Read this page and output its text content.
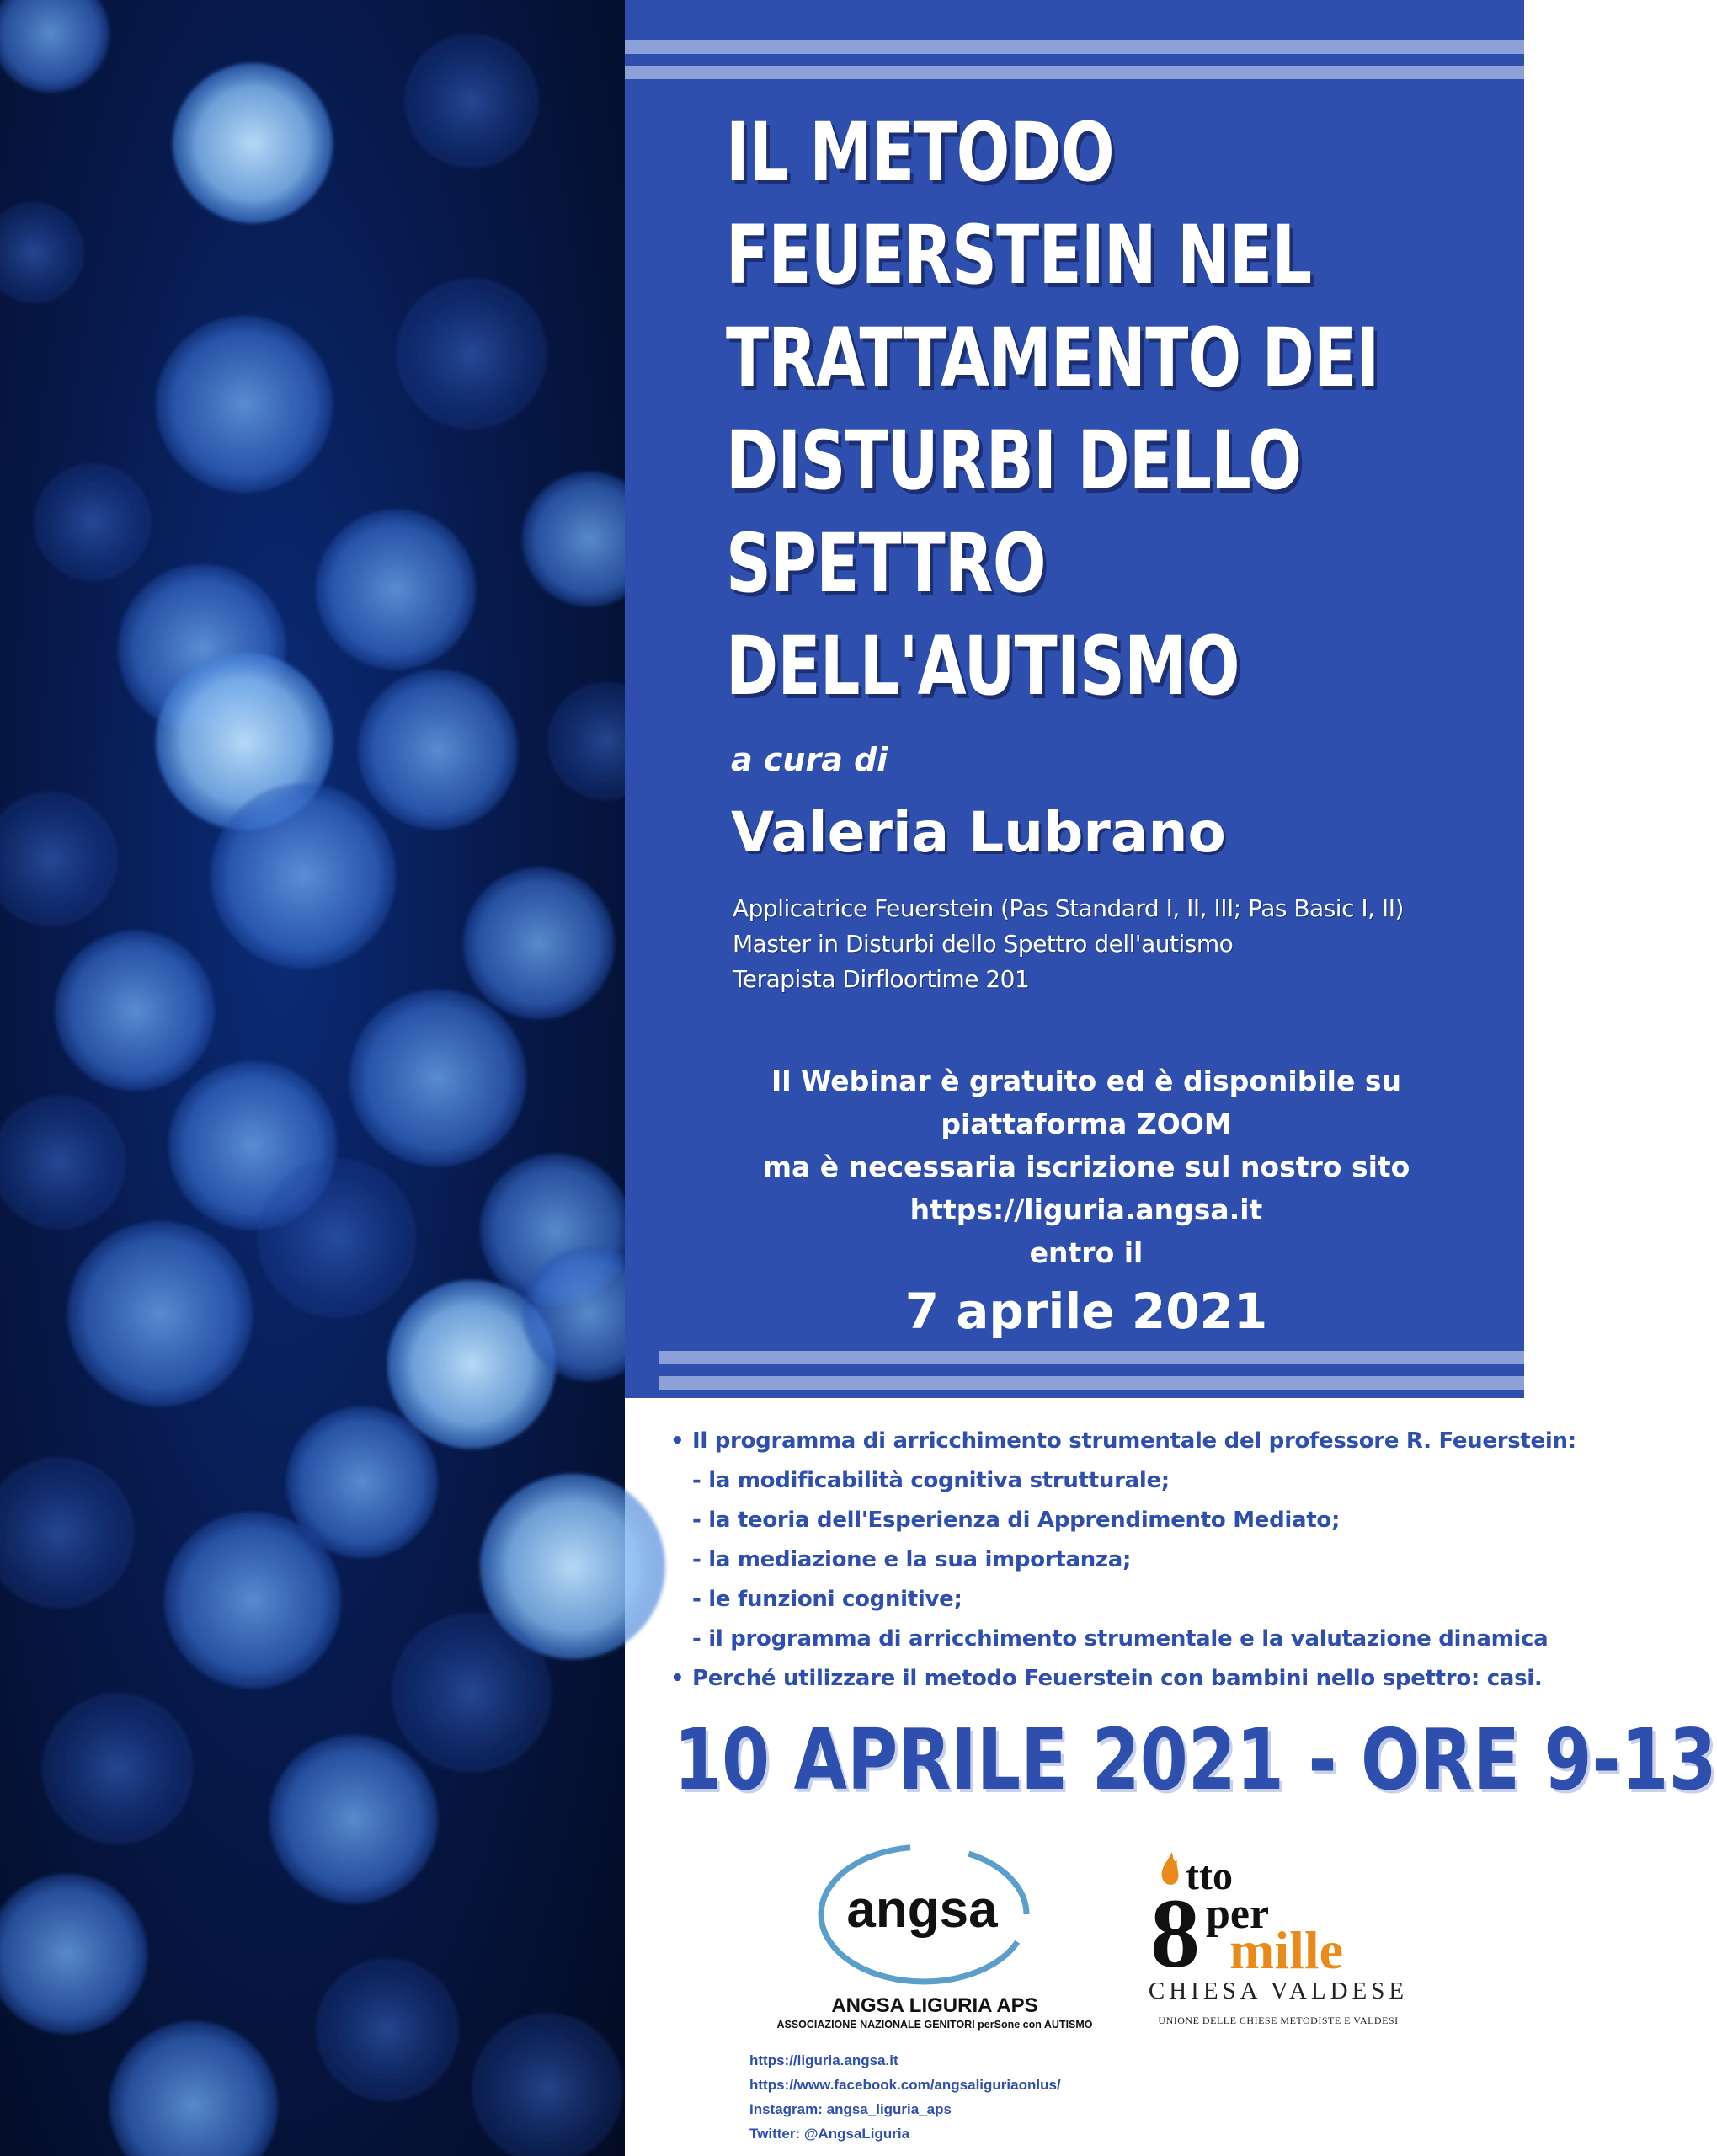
IL METODO
FEUERSTEIN NEL
TRATTAMENTO DEI
DISTURBI DELLO
SPETTRO
DELL'AUTISMO
a cura di
Valeria Lubrano
Applicatrice Feuerstein (Pas Standard I, II, III; Pas Basic I, II)
Master in Disturbi dello Spettro dell'autismo
Terapista Dirfloortime 201
Il Webinar è gratuito ed è disponibile su
piattaforma ZOOM
ma è necessaria iscrizione sul nostro sito
https://liguria.angsa.it
entro il
7 aprile 2021
• Il programma di arricchimento strumentale del professore R. Feuerstein:
- la modificabilità cognitiva strutturale;
- la teoria dell'Esperienza di Apprendimento Mediato;
- la mediazione e la sua importanza;
- le funzioni cognitive;
- il programma di arricchimento strumentale e la valutazione dinamica
• Perché utilizzare il metodo Feuerstein con bambini nello spettro: casi.
10 APRILE 2021 - ORE 9-13
angsa
ANGSA LIGURIA APS
ASSOCIAZIONE NAZIONALE GENITORI perSone con AUTISMO
8
tto
per
mille
CHIESA VALDESE
UNIONE DELLE CHIESE METODISTE E VALDESI
https://liguria.angsa.it
https://www.facebook.com/angsaliguriaonlus/
Instagram: angsa_liguria_aps
Twitter: @AngsaLiguria
